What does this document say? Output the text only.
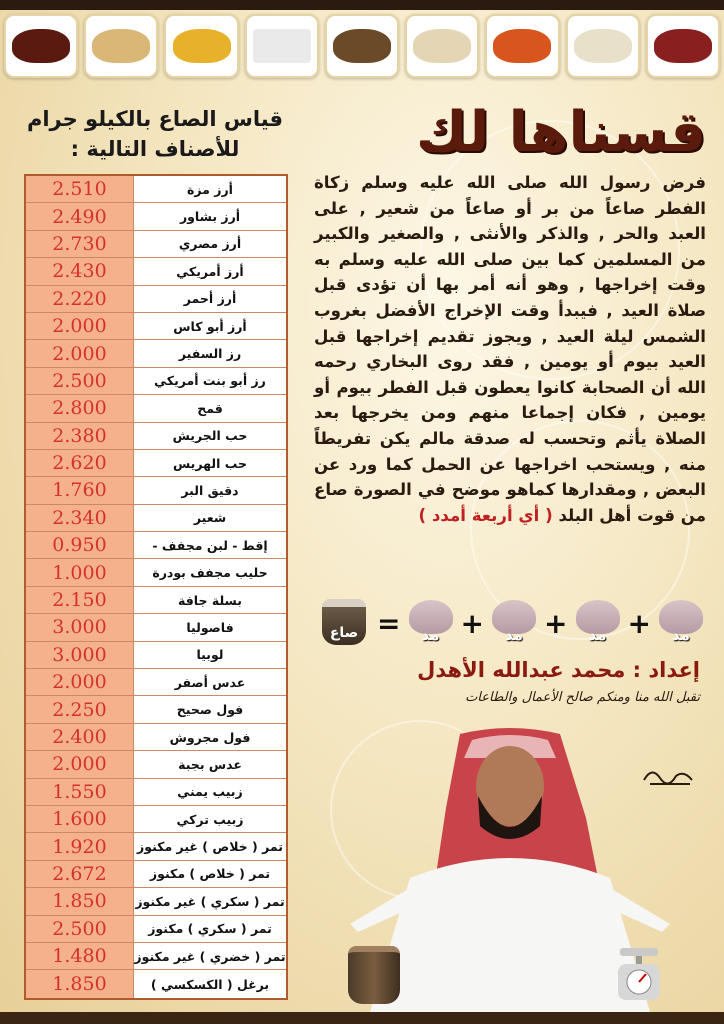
قياس الصاع بالكيلو جرام للأصناف التالية :
2.510	أرز مزة
2.490	أرز بشاور
2.730	أرز مصري
2.430	أرز أمريكي
2.220	أرز أحمر
2.000	أرز أبو كاس
2.000	رز السفير
2.500	رز أبو بنت أمريكي
2.800	قمح
2.380	حب الجريش
2.620	حب الهريس
1.760	دقيق البر
2.340	شعير
0.950	إقط - لبن مجفف -
1.000	حليب مجفف بودرة
2.150	بسلة جافة
3.000	فاصوليا
3.000	لوبيا
2.000	عدس أصفر
2.250	فول صحيح
2.400	فول مجروش
2.000	عدس بجبة
1.550	زبيب يمني
1.600	زبيب تركي
1.920	تمر ( خلاص ) غير مكنوز
2.672	تمر ( خلاص ) مكنوز
1.850	تمر ( سكري ) غير مكنوز
2.500	تمر ( سكري ) مكنوز
1.480	تمر ( خضري ) غير مكنوز
1.850	برغل ( الكسكسي )
قسناها لك
فرض رسول الله صلى الله عليه وسلم زكاة الفطر صاعاً من بر أو صاعاً من شعير , على العبد والحر , والذكر والأنثى , والصغير والكبير من المسلمين كما بين صلى الله عليه وسلم به وقت إخراجها , وهو أنه أمر بها أن تؤدى قبل صلاة العيد , فيبدأ وقت الإخراج الأفضل بغروب الشمس ليلة العيد , ويجوز تقديم إخراجها قبل العيد بيوم أو يومين , فقد روى البخاري رحمه الله أن الصحابة كانوا يعطون قبل الفطر بيوم أو يومين , فكان إجماعا منهم ومن يخرجها بعد الصلاة يأثم وتحسب له صدقة مالم يكن تفريطاً منه , ويستحب اخراجها عن الحمل كما ورد عن البعض , ومقدارها كماهو موضح في الصورة صاع من قوت أهل البلد ( أي أربعة أمدد )
مد
+
مد
+
مد
+
مد
=
صاع
إعداد : محمد عبدالله الأهدل
تقبل الله منا ومنكم صالح الأعمال والطاعات
